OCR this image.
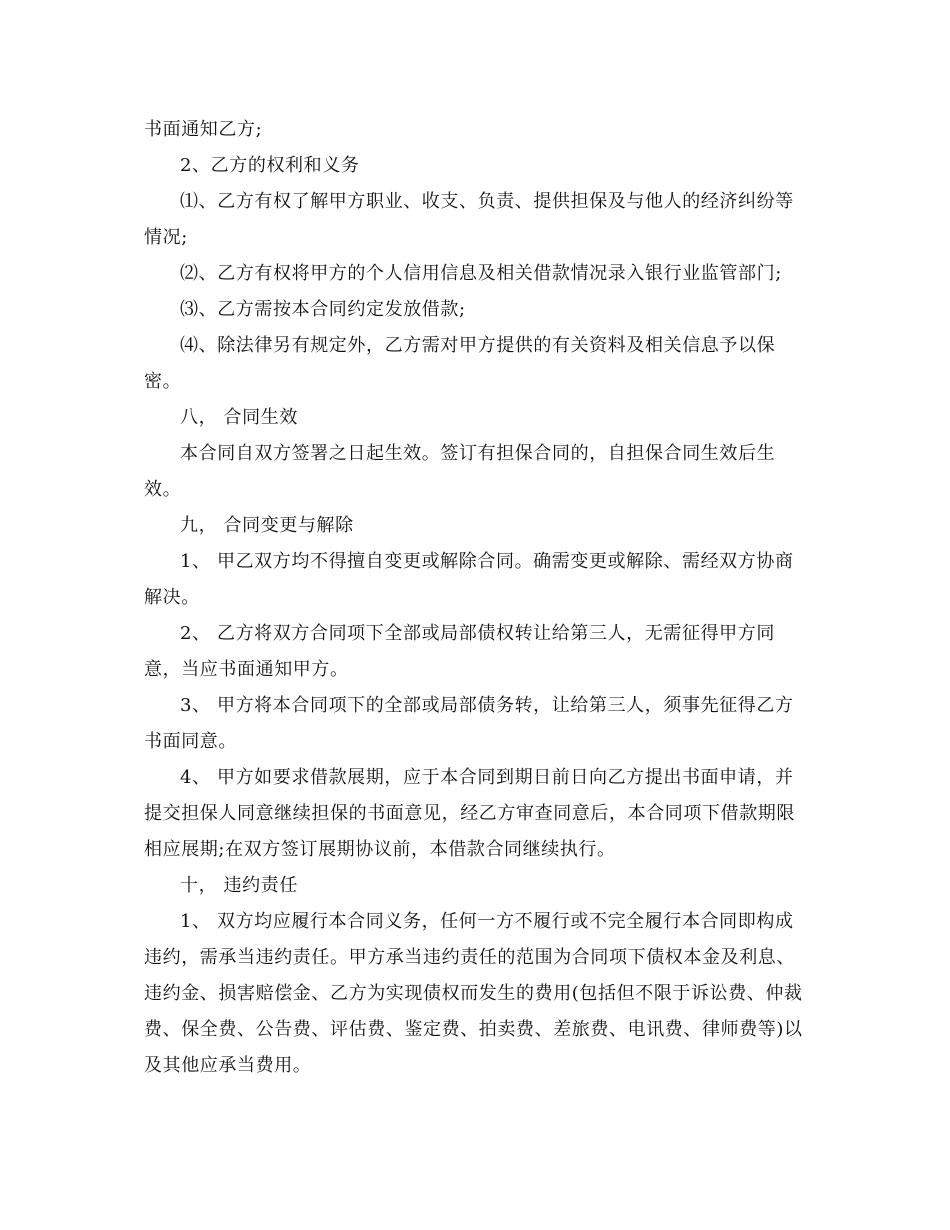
书面通知乙方;
2、乙方的权利和义务
⑴、乙方有权了解甲方职业、收支、负责、提供担保及与他人的经济纠纷等
情况;
⑵、乙方有权将甲方的个人信用信息及相关借款情况录入银行业监管部门;
⑶、乙方需按本合同约定发放借款;
⑷、除法律另有规定外，乙方需对甲方提供的有关资料及相关信息予以保
密。
八， 合同生效
本合同自双方签署之日起生效。签订有担保合同的，自担保合同生效后生
效。
九， 合同变更与解除
1、 甲乙双方均不得擅自变更或解除合同。确需变更或解除、需经双方协商
解决。
2、 乙方将双方合同项下全部或局部债权转让给第三人，无需征得甲方同
意，当应书面通知甲方。
3、 甲方将本合同项下的全部或局部债务转，让给第三人，须事先征得乙方
书面同意。
4、 甲方如要求借款展期，应于本合同到期日前日向乙方提出书面申请，并
提交担保人同意继续担保的书面意见，经乙方审查同意后，本合同项下借款期限
相应展期;在双方签订展期协议前，本借款合同继续执行。
十， 违约责任
1、 双方均应履行本合同义务，任何一方不履行或不完全履行本合同即构成
违约，需承当违约责任。甲方承当违约责任的范围为合同项下债权本金及利息、
违约金、损害赔偿金、乙方为实现债权而发生的费用(包括但不限于诉讼费、仲裁
费、保全费、公告费、评估费、鉴定费、拍卖费、差旅费、电讯费、律师费等)以
及其他应承当费用。
